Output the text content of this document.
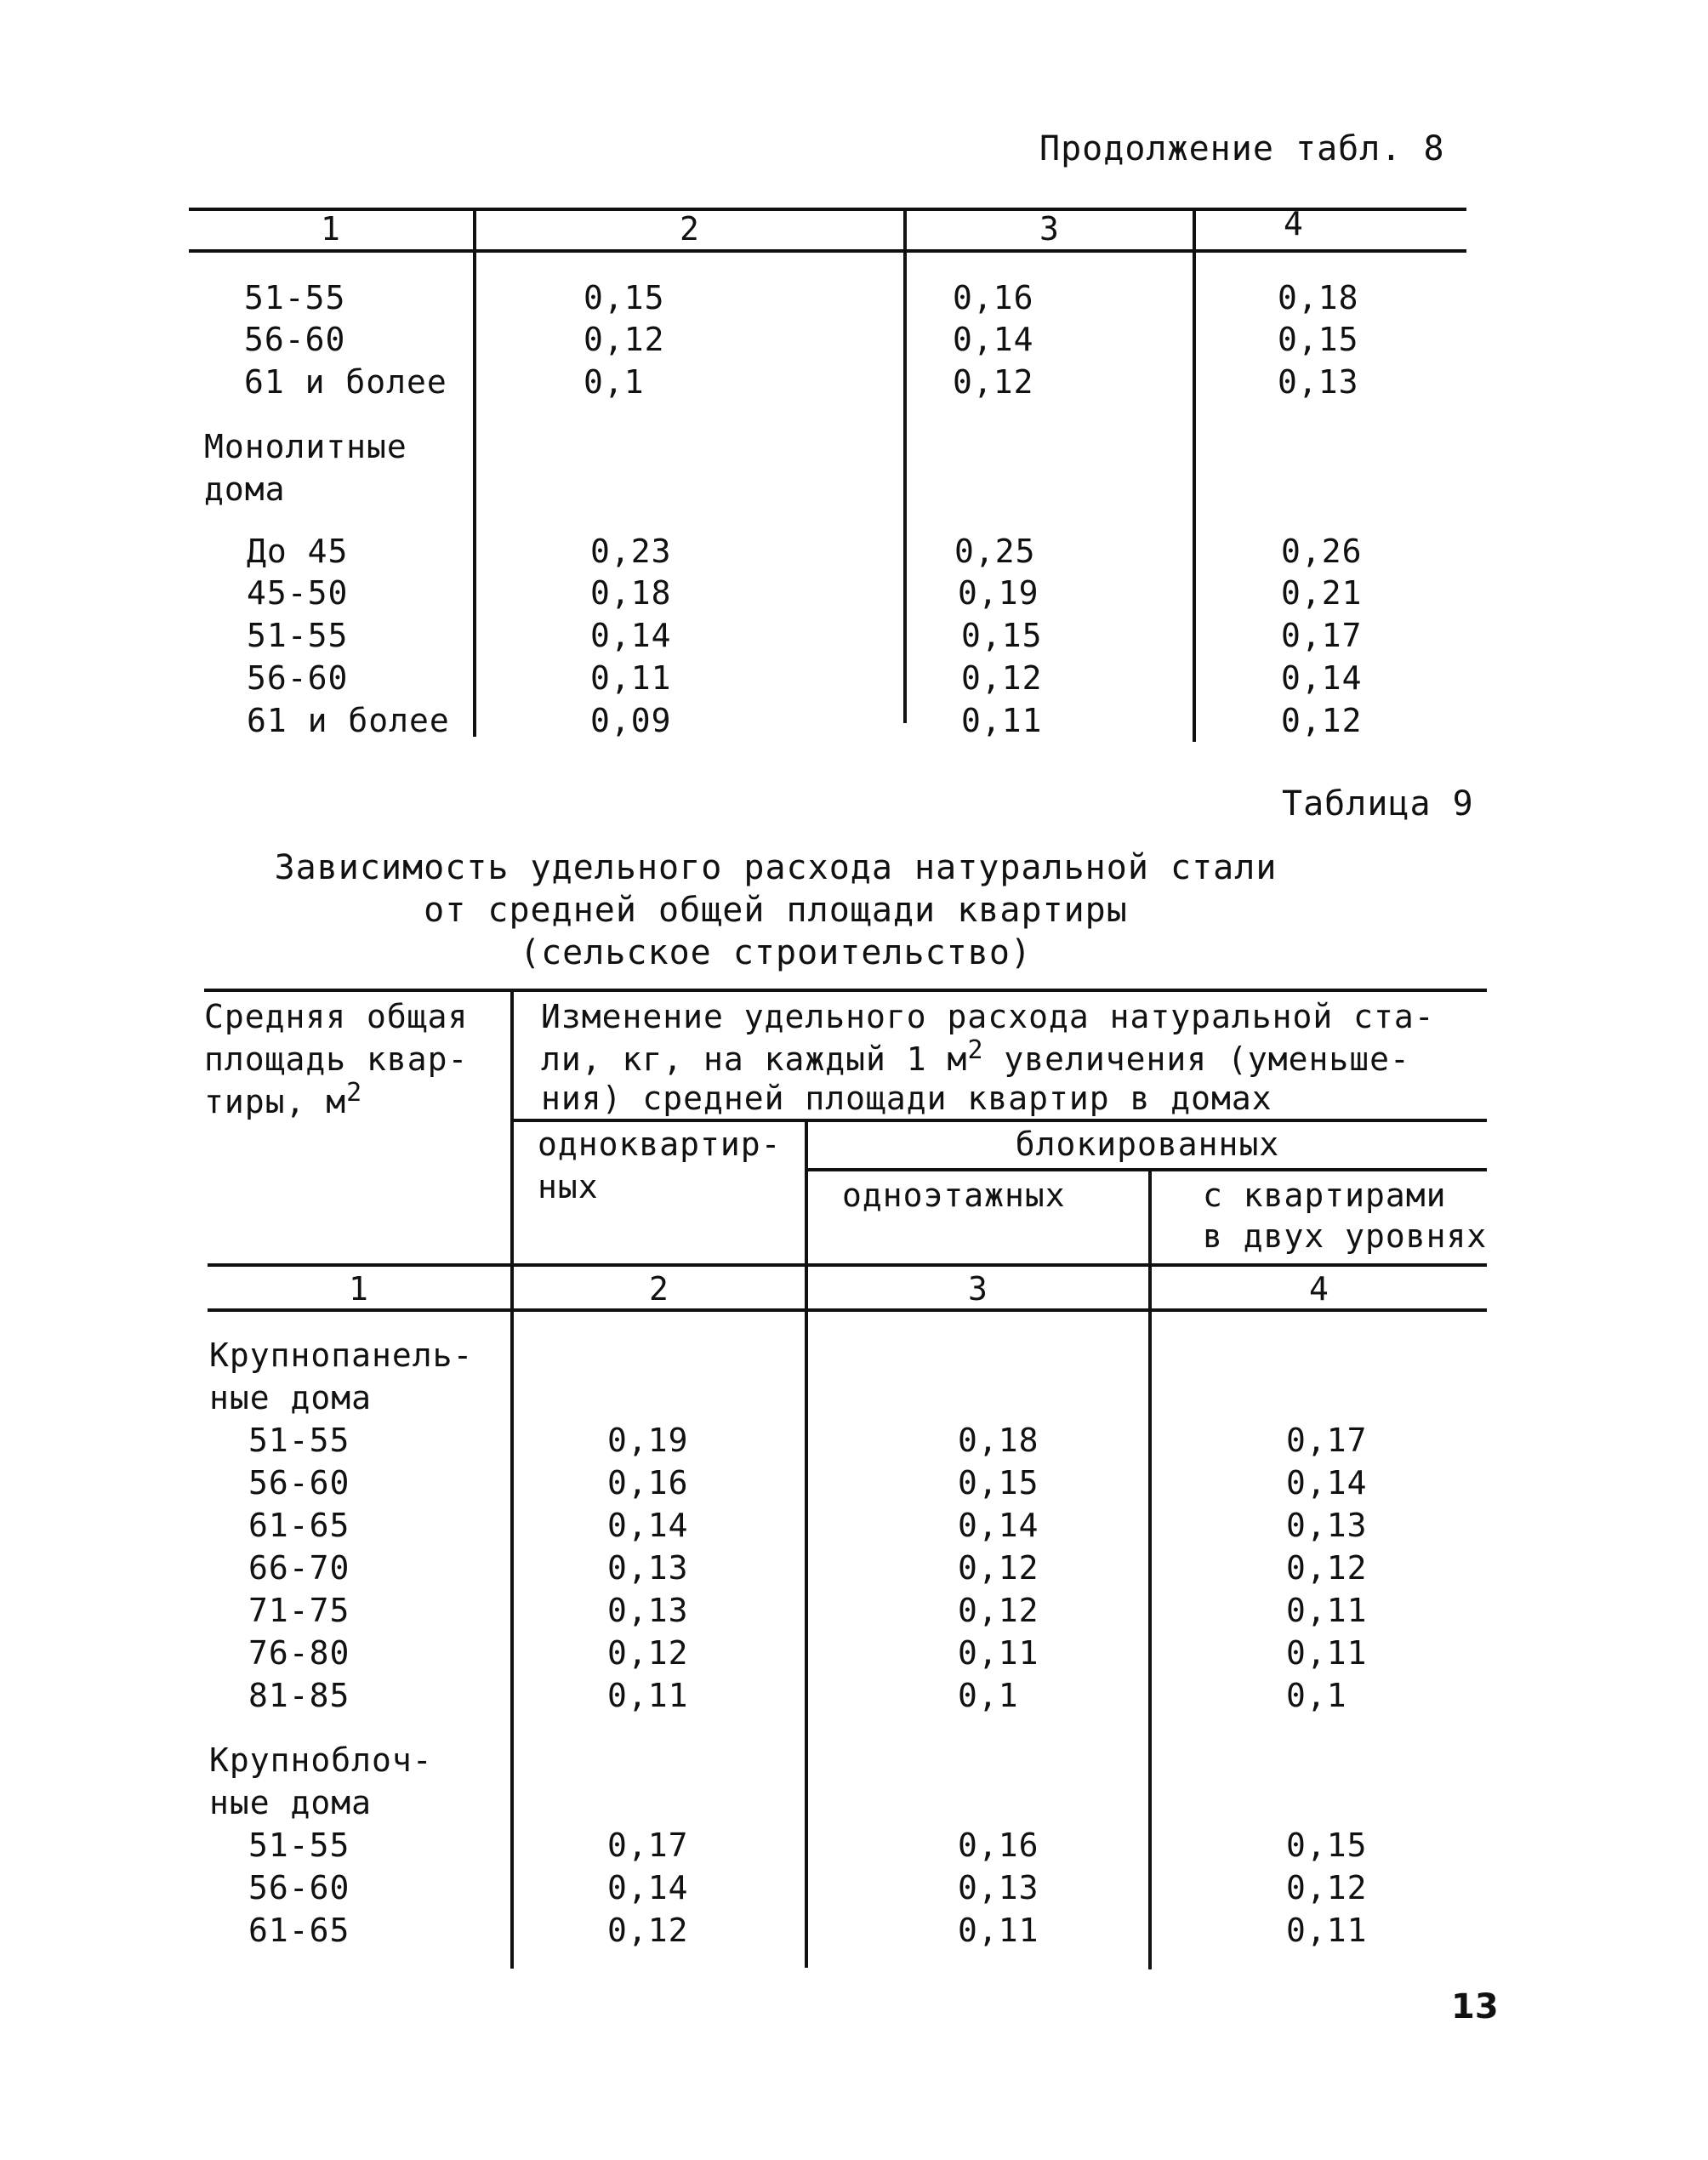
Продолжение табл. 8
1	2	3	4
51-55	0,15	0,16	0,18
56-60	0,12	0,14	0,15
61 и более	0,1	0,12	0,13
Монолитные
дома
До 45	0,23	0,25	0,26
45-50	0,18	0,19	0,21
51-55	0,14	0,15	0,17
56-60	0,11	0,12	0,14
61 и более	0,09	0,11	0,12
Таблица 9
Зависимость удельного расхода натуральной стали
от средней общей площади квартиры
(сельское строительство)
Средняя общая
площадь квар-
тиры, $м^2$
Изменение удельного расхода натуральной ста-
ли, кг, на каждый 1 $м^2$ увеличения (уменьше-
ния) средней площади квартир в домах
одноквартир-
ных
блокированных
одноэтажных	с квартирами
в двух уровнях
1	2	3	4
Крупнопанель-
ные дома
51-55	0,19	0,18	0,17
56-60	0,16	0,15	0,14
61-65	0,14	0,14	0,13
66-70	0,13	0,12	0,12
71-75	0,13	0,12	0,11
76-80	0,12	0,11	0,11
81-85	0,11	0,1	0,1
Крупноблоч-
ные дома
51-55	0,17	0,16	0,15
56-60	0,14	0,13	0,12
61-65	0,12	0,11	0,11
13
